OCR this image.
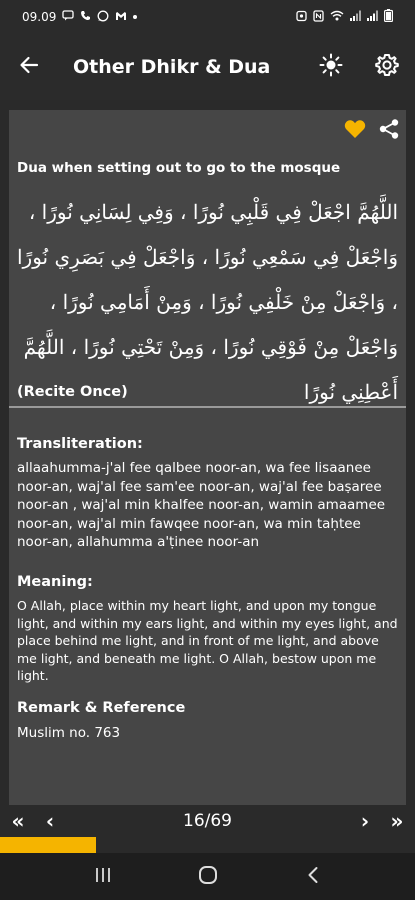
09.09
Other Dhikr & Dua
Dua when setting out to go to the mosque
اللَّهُمَّ اجْعَلْ فِي قَلْبِي نُورًا ، وَفِي لِسَانِي نُورًا ، وَاجْعَلْ فِي سَمْعِي نُورًا ، وَاجْعَلْ فِي بَصَرِي نُورًا ، وَاجْعَلْ مِنْ خَلْفِي نُورًا ، وَمِنْ أَمَامِي نُورًا ، وَاجْعَلْ مِنْ فَوْقِي نُورًا ، وَمِنْ تَحْتِي نُورًا ، اللَّهُمَّ أَعْطِنِي نُورًا
(Recite Once)
Transliteration:
allaahumma-j'al fee qalbee noor-an, wa fee lisaanee noor-an, waj'al fee sam'ee noor-an, waj'al fee baṣaree noor-an , waj'al min khalfee noor-an, wamin amaamee noor-an, waj'al min fawqee noor-an, wa min taḥtee noor-an, allahumma a'ṭinee noor-an
Meaning:
O Allah, place within my heart light, and upon my tongue light, and within my ears light, and within my eyes light, and place behind me light, and in front of me light, and above me light, and beneath me light. O Allah, bestow upon me light.
Remark & Reference
Muslim no. 763
«	‹	16/69	›	»
